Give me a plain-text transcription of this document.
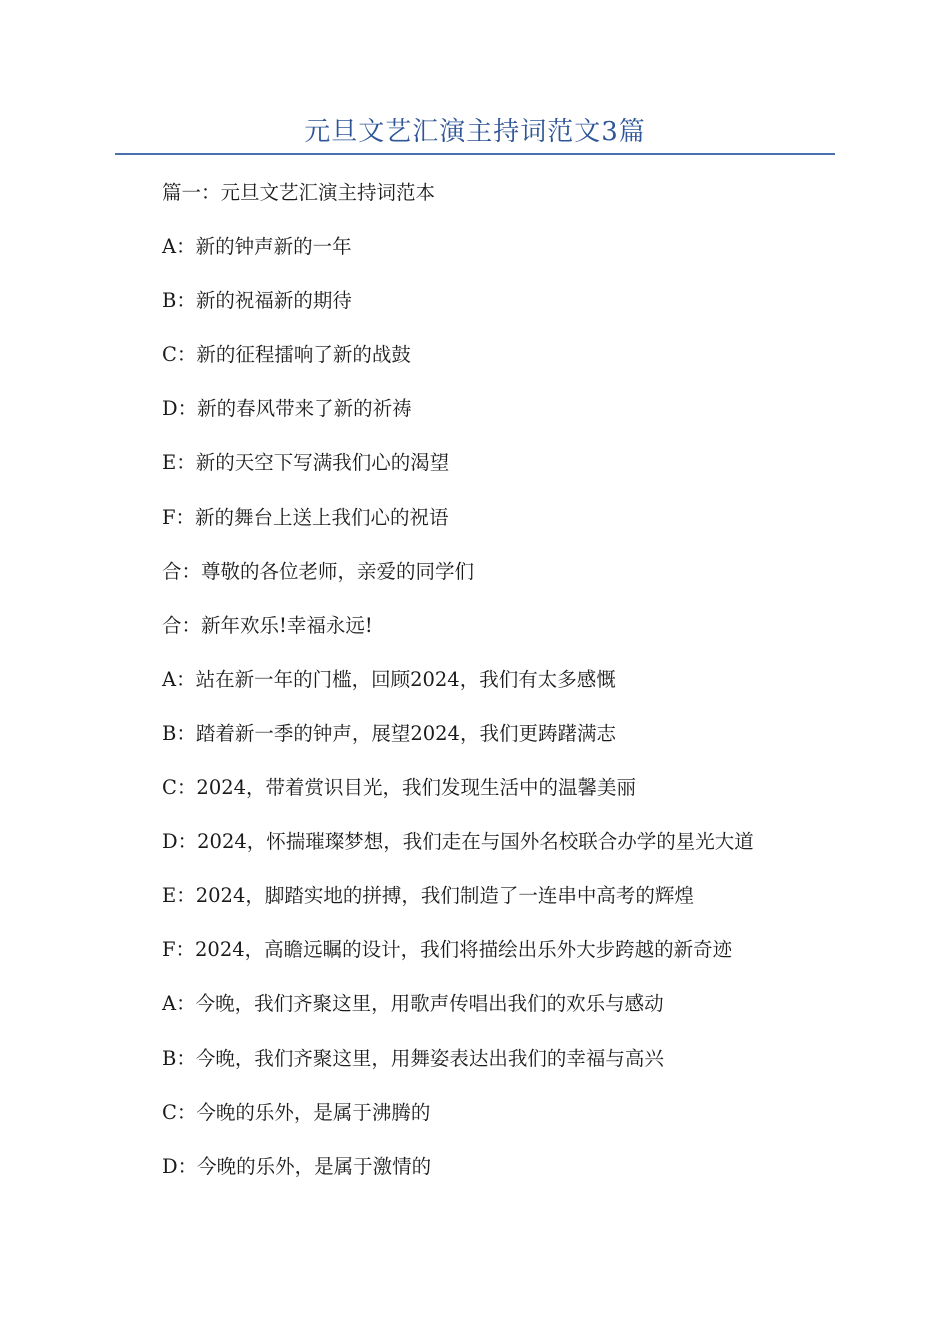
元旦文艺汇演主持词范文3篇
篇一：元旦文艺汇演主持词范本
A：新的钟声新的一年
B：新的祝福新的期待
C：新的征程擂响了新的战鼓
D：新的春风带来了新的祈祷
E：新的天空下写满我们心的渴望
F：新的舞台上送上我们心的祝语
合：尊敬的各位老师，亲爱的同学们
合：新年欢乐!幸福永远!
A：站在新一年的门槛，回顾2024，我们有太多感慨
B：踏着新一季的钟声，展望2024，我们更踌躇满志
C：2024，带着赏识目光，我们发现生活中的温馨美丽
D：2024，怀揣璀璨梦想，我们走在与国外名校联合办学的星光大道
E：2024，脚踏实地的拼搏，我们制造了一连串中高考的辉煌
F：2024，高瞻远瞩的设计，我们将描绘出乐外大步跨越的新奇迹
A：今晚，我们齐聚这里，用歌声传唱出我们的欢乐与感动
B：今晚，我们齐聚这里，用舞姿表达出我们的幸福与高兴
C：今晚的乐外，是属于沸腾的
D：今晚的乐外，是属于激情的
